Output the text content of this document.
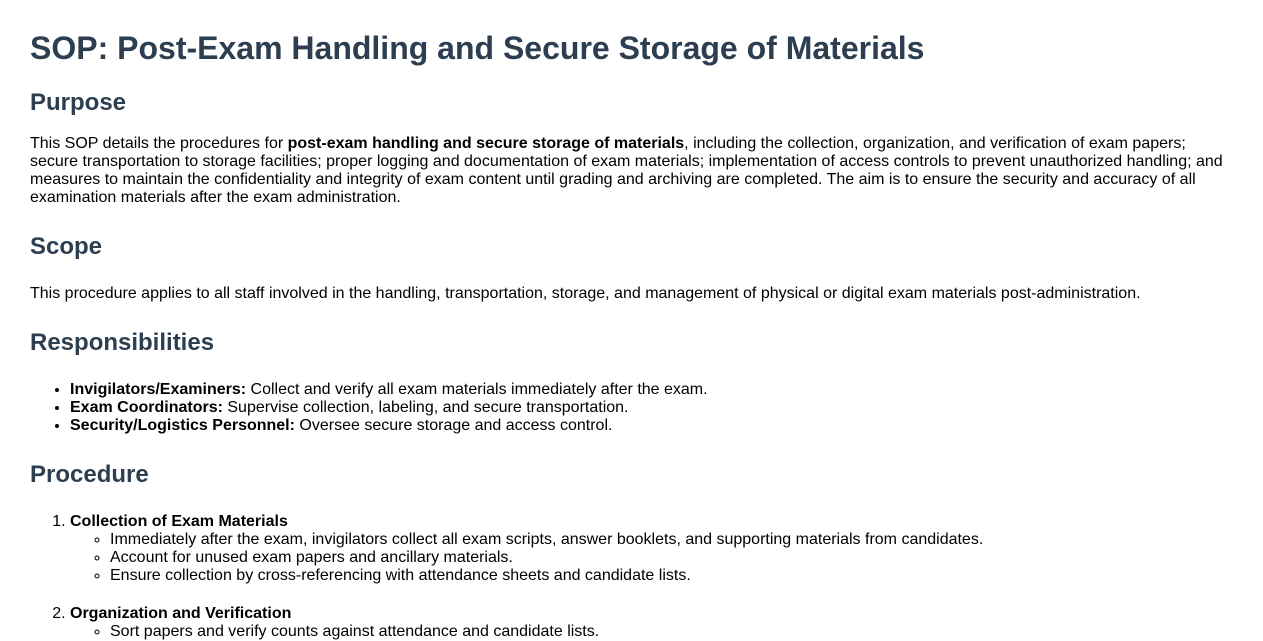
SOP: Post-Exam Handling and Secure Storage of Materials
Purpose

This SOP details the procedures for post-exam handling and secure storage of materials, including the collection, organization, and verification of exam papers; secure transportation to storage facilities; proper logging and documentation of exam materials; implementation of access controls to prevent unauthorized handling; and measures to maintain the confidentiality and integrity of exam content until grading and archiving are completed. The aim is to ensure the security and accuracy of all examination materials after the exam administration.

Scope

This procedure applies to all staff involved in the handling, transportation, storage, and management of physical or digital exam materials post-administration.

Responsibilities
• Invigilators/Examiners: Collect and verify all exam materials immediately after the exam.
• Exam Coordinators: Supervise collection, labeling, and secure transportation.
• Security/Logistics Personnel: Oversee secure storage and access control.
Procedure
1. Collection of Exam Materials
◦ Immediately after the exam, invigilators collect all exam scripts, answer booklets, and supporting materials from candidates.
◦ Account for unused exam papers and ancillary materials.
◦ Ensure collection by cross-referencing with attendance sheets and candidate lists.
2. Organization and Verification
◦ Sort papers and verify counts against attendance and candidate lists.
